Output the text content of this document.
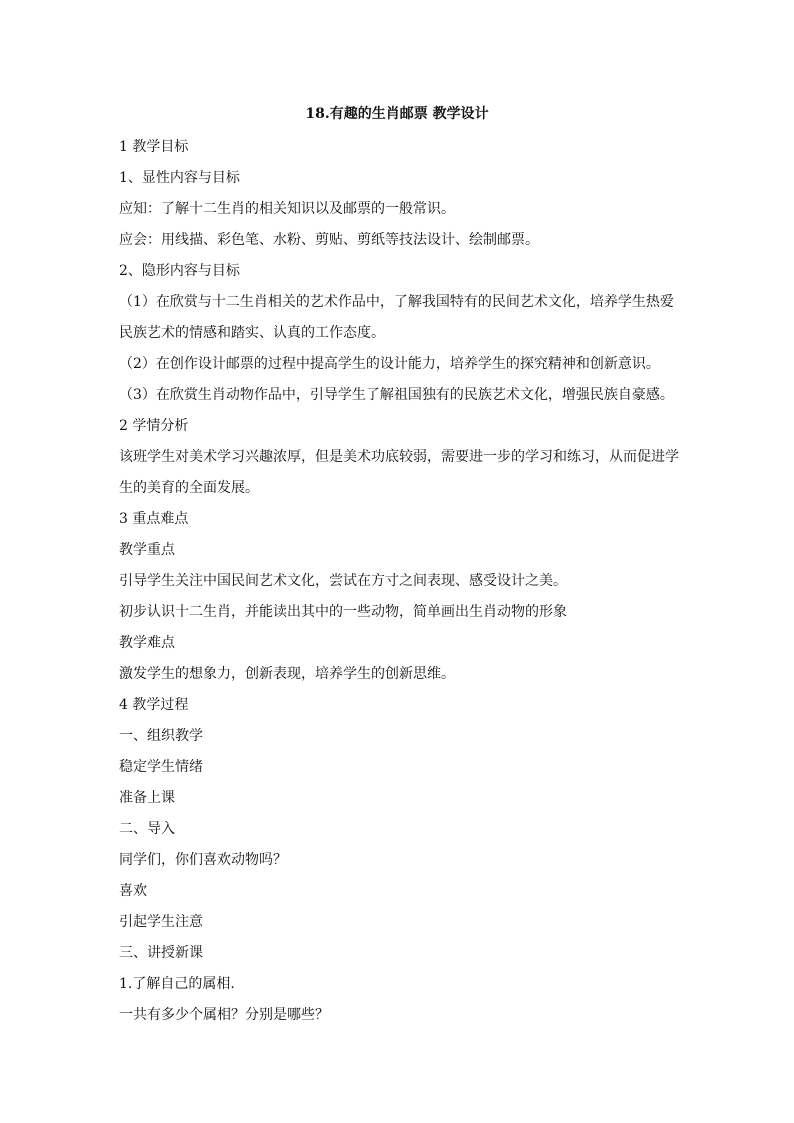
18.有趣的生肖邮票 教学设计
1 教学目标
1、显性内容与目标
应知：了解十二生肖的相关知识以及邮票的一般常识。
应会：用线描、彩色笔、水粉、剪贴、剪纸等技法设计、绘制邮票。
2、隐形内容与目标
（1）在欣赏与十二生肖相关的艺术作品中，了解我国特有的民间艺术文化，培养学生热爱
民族艺术的情感和踏实、认真的工作态度。
（2）在创作设计邮票的过程中提高学生的设计能力，培养学生的探究精神和创新意识。
（3）在欣赏生肖动物作品中，引导学生了解祖国独有的民族艺术文化，增强民族自豪感。
2 学情分析
该班学生对美术学习兴趣浓厚，但是美术功底较弱，需要进一步的学习和练习，从而促进学
生的美育的全面发展。
3 重点难点
教学重点
引导学生关注中国民间艺术文化，尝试在方寸之间表现、感受设计之美。
初步认识十二生肖，并能读出其中的一些动物，简单画出生肖动物的形象
教学难点
激发学生的想象力，创新表现，培养学生的创新思维。
4 教学过程
一、组织教学
稳定学生情绪
准备上课
二、导入
同学们，你们喜欢动物吗？
喜欢
引起学生注意
三、讲授新课
1.了解自己的属相.
一共有多少个属相？分别是哪些？
